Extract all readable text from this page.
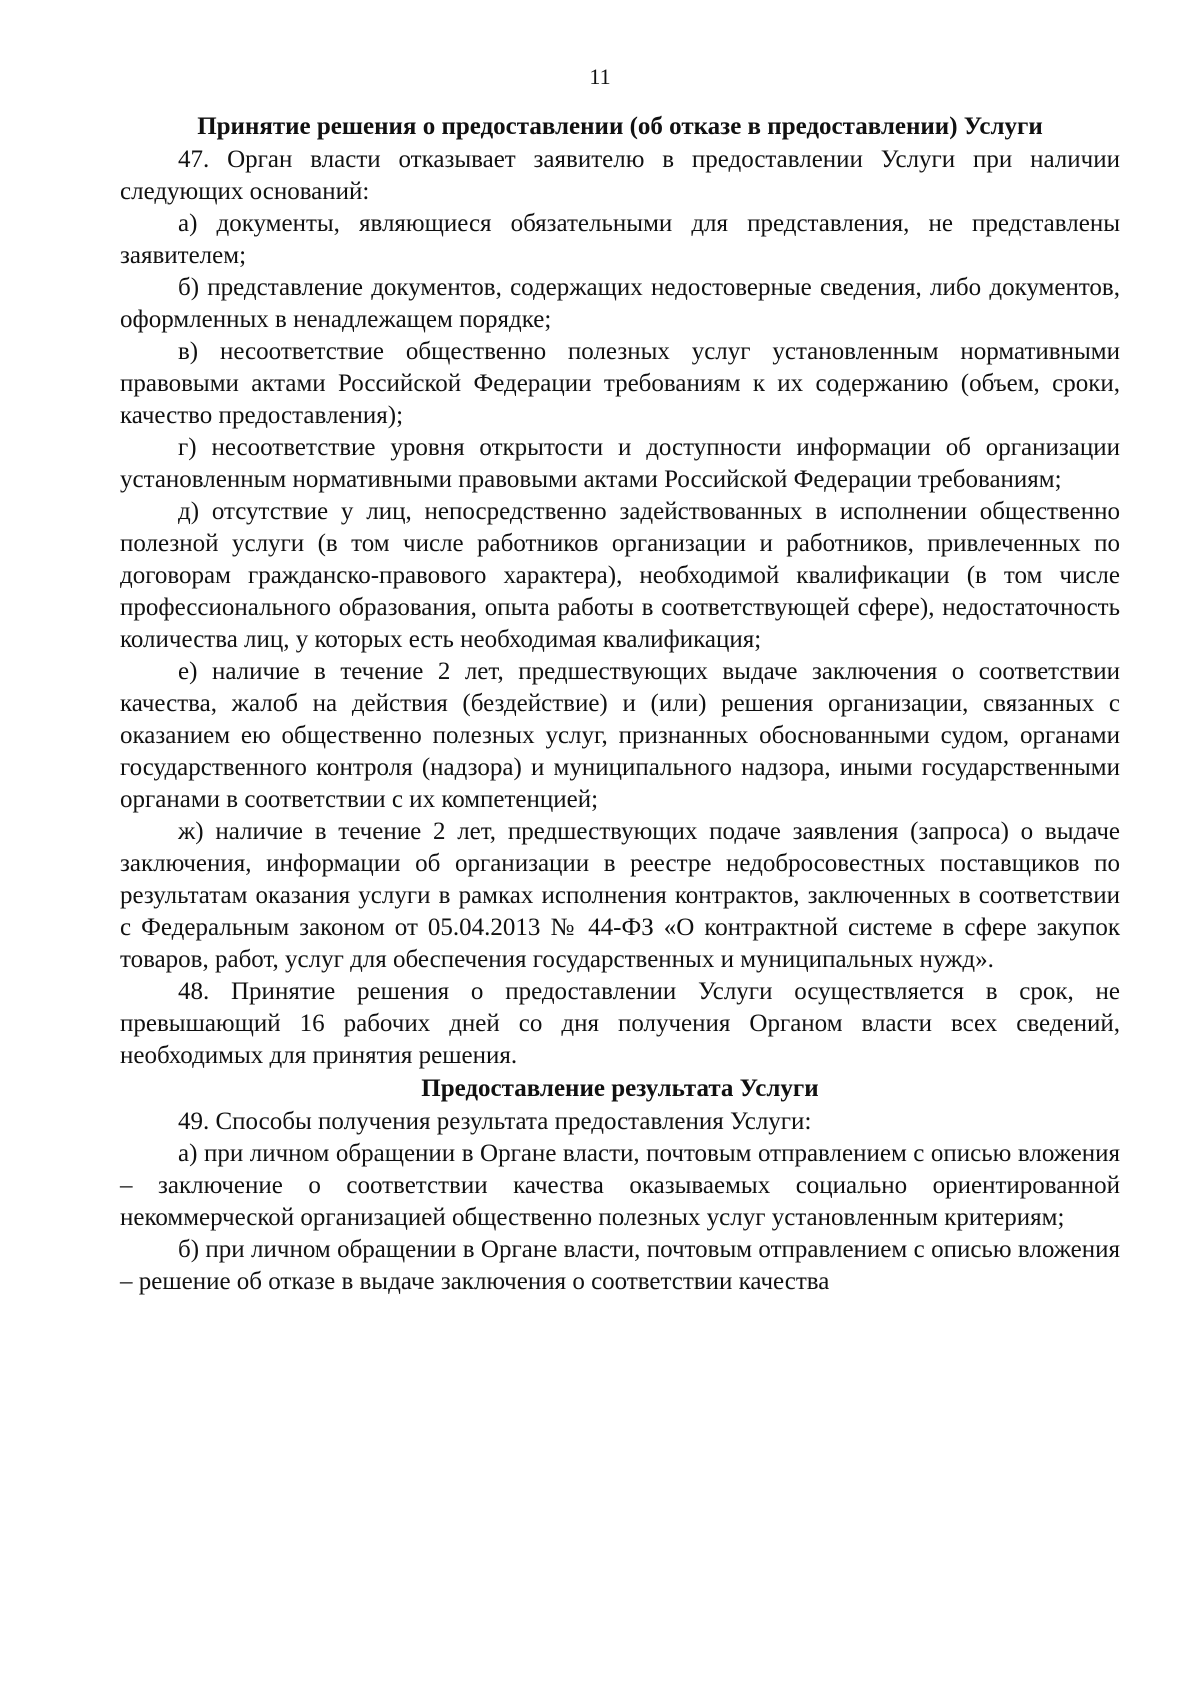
11
Принятие решения о предоставлении (об отказе в предоставлении) Услуги

47. Орган власти отказывает заявителю в предоставлении Услуги при наличии следующих оснований:

а) документы, являющиеся обязательными для представления, не представлены заявителем;

б) представление документов, содержащих недостоверные сведения, либо документов, оформленных в ненадлежащем порядке;

в) несоответствие общественно полезных услуг установленным нормативными правовыми актами Российской Федерации требованиям к их содержанию (объем, сроки, качество предоставления);

г) несоответствие уровня открытости и доступности информации об организации установленным нормативными правовыми актами Российской Федерации требованиям;

д) отсутствие у лиц, непосредственно задействованных в исполнении общественно полезной услуги (в том числе работников организации и работников, привлеченных по договорам гражданско-правового характера), необходимой квалификации (в том числе профессионального образования, опыта работы в соответствующей сфере), недостаточность количества лиц, у которых есть необходимая квалификация;

е) наличие в течение 2 лет, предшествующих выдаче заключения о соответствии качества, жалоб на действия (бездействие) и (или) решения организации, связанных с оказанием ею общественно полезных услуг, признанных обоснованными судом, органами государственного контроля (надзора) и муниципального надзора, иными государственными органами в соответствии с их компетенцией;

ж) наличие в течение 2 лет, предшествующих подаче заявления (запроса) о выдаче заключения, информации об организации в реестре недобросовестных поставщиков по результатам оказания услуги в рамках исполнения контрактов, заключенных в соответствии с Федеральным законом от 05.04.2013 № 44-ФЗ «О контрактной системе в сфере закупок товаров, работ, услуг для обеспечения государственных и муниципальных нужд».

48. Принятие решения о предоставлении Услуги осуществляется в срок, не превышающий 16 рабочих дней со дня получения Органом власти всех сведений, необходимых для принятия решения.

Предоставление результата Услуги

49. Способы получения результата предоставления Услуги:

а) при личном обращении в Органе власти, почтовым отправлением с описью вложения – заключение о соответствии качества оказываемых социально ориентированной некоммерческой организацией общественно полезных услуг установленным критериям;

б) при личном обращении в Органе власти, почтовым отправлением с описью вложения – решение об отказе в выдаче заключения о соответствии качества
